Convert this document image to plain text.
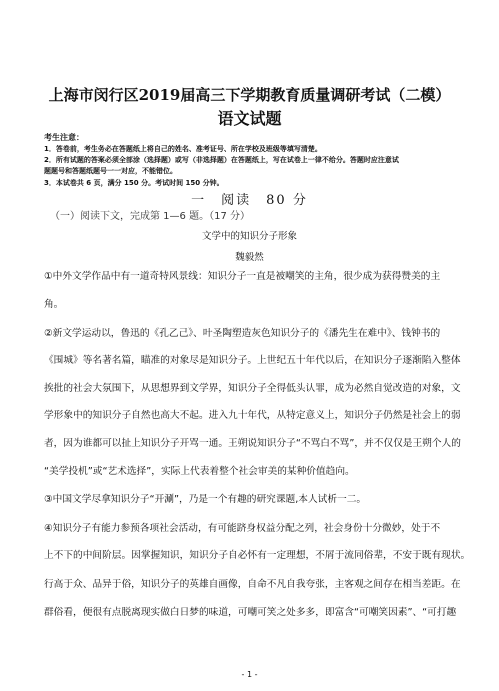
上海市闵行区2019届高三下学期教育质量调研考试（二模）
语文试题
考生注意：
1．答卷前，考生务必在答题纸上将自己的姓名、准考证号、所在学校及班级等填写清楚。
2．所有试题的答案必须全部涂（选择题）或写（非选择题）在答题纸上，写在试卷上一律不给分。答题时应注意试
题题号和答题纸题号一一对应，不能错位。
3．本试卷共 6 页，满分 150 分。考试时间 150 分钟。
一　阅读　80 分
（一）阅读下文，完成第 1—6 题。（17 分）
文学中的知识分子形象
魏毅然
①中外文学作品中有一道奇特风景线：知识分子一直是被嘲笑的主角，很少成为获得赞美的主
角。
②新文学运动以，鲁迅的《孔乙己》、叶圣陶塑造灰色知识分子的《潘先生在难中》、钱钟书的
《围城》等名著名篇，瞄准的对象尽是知识分子。上世纪五十年代以后，在知识分子逐渐陷入整体
挨批的社会大氛围下，从思想界到文学界，知识分子全得低头认罪，成为必然自觉改造的对象，文
学形象中的知识分子自然也高大不起。进入九十年代，从特定意义上，知识分子仍然是社会上的弱
者，因为谁都可以扯上知识分子开骂一通。王朔说知识分子“不骂白不骂”，并不仅仅是王朔个人的
“美学投机”或“艺术选择”，实际上代表着整个社会审美的某种价值趋向。
③中国文学尽拿知识分子“开涮”，乃是一个有趣的研究课题,本人试析一二。
④知识分子有能力参预各项社会活动，有可能跻身权益分配之列，社会身份十分微妙，处于不
上不下的中间阶层。因掌握知识，知识分子自必怀有一定理想，不屑于流同俗辈，不安于既有现状。
行高于众、品异于俗，知识分子的英雄自画像，自命不凡自我夸张，主客观之间存在相当差距。在
群俗看，便很有点脱离现实做白日梦的味道，可嘲可笑之处多多，即富含“可嘲笑因素”、“可打趣
- 1 -
